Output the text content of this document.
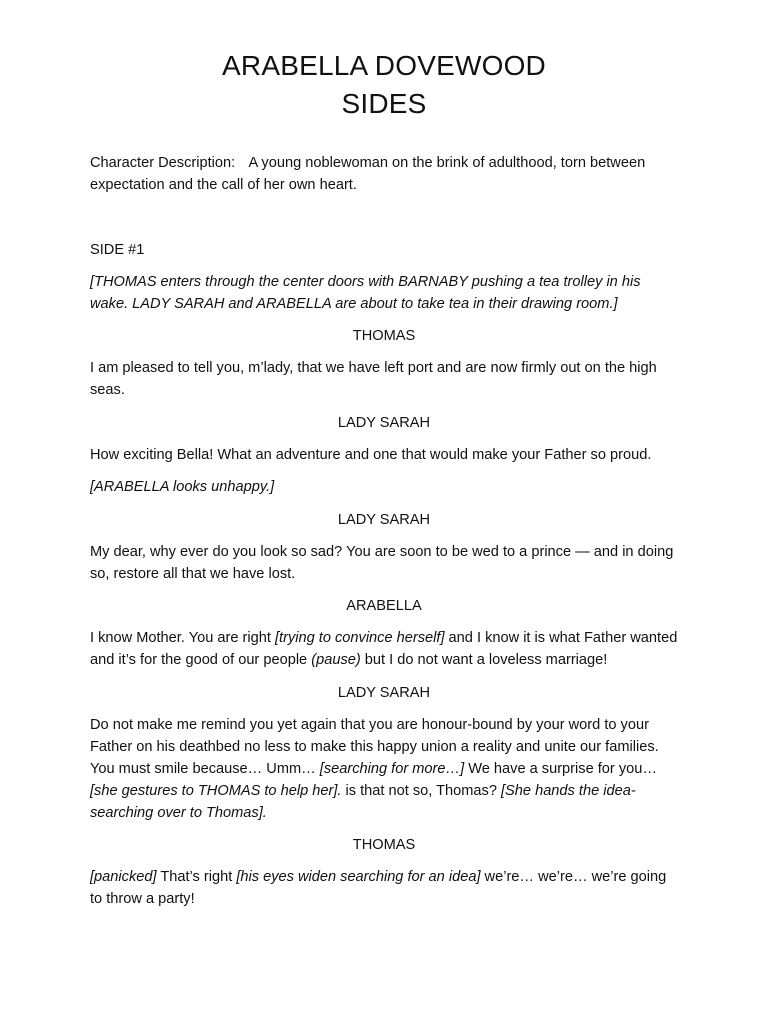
ARABELLA DOVEWOOD
SIDES
Character Description: A young noblewoman on the brink of adulthood, torn between expectation and the call of her own heart.
SIDE #1
[THOMAS enters through the center doors with BARNABY pushing a tea trolley in his wake. LADY SARAH and ARABELLA are about to take tea in their drawing room.]
THOMAS
I am pleased to tell you, m’lady, that we have left port and are now firmly out on the high seas.
LADY SARAH
How exciting Bella! What an adventure and one that would make your Father so proud.
[ARABELLA looks unhappy.]
LADY SARAH
My dear, why ever do you look so sad? You are soon to be wed to a prince — and in doing so, restore all that we have lost.
ARABELLA
I know Mother. You are right [trying to convince herself] and I know it is what Father wanted and it’s for the good of our people (pause) but I do not want a loveless marriage!
LADY SARAH
Do not make me remind you yet again that you are honour-bound by your word to your Father on his deathbed no less to make this happy union a reality and unite our families. You must smile because… Umm… [searching for more…] We have a surprise for you… [she gestures to THOMAS to help her]. is that not so, Thomas? [She hands the idea-searching over to Thomas].
THOMAS
[panicked] That’s right [his eyes widen searching for an idea] we’re… we’re… we’re going to throw a party!
